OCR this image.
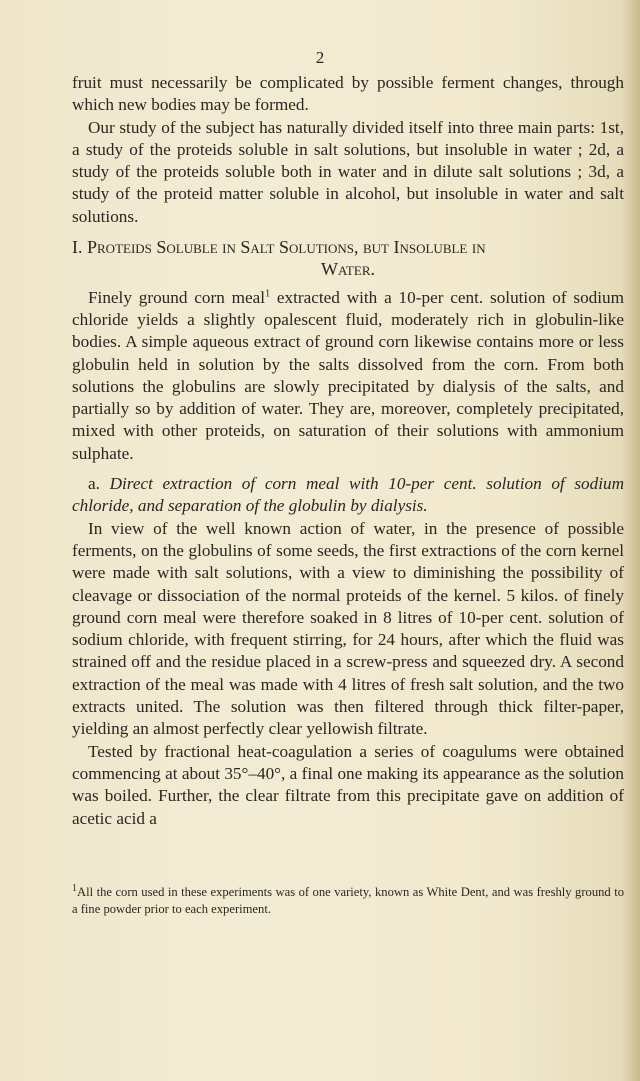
2

fruit must necessarily be complicated by possible ferment changes, through which new bodies may be formed.

Our study of the subject has naturally divided itself into three main parts: 1st, a study of the proteids soluble in salt solutions, but insoluble in water ; 2d, a study of the proteids soluble both in water and in dilute salt solutions ; 3d, a study of the proteid matter soluble in alcohol, but insoluble in water and salt solutions.

I. Proteids Soluble in Salt Solutions, but Insoluble in
Water.

Finely ground corn meal$^1$ extracted with a 10-per cent. solution of sodium chloride yields a slightly opalescent fluid, moderately rich in globulin-like bodies. A simple aqueous extract of ground corn likewise contains more or less globulin held in solution by the salts dissolved from the corn. From both solutions the globulins are slowly precipitated by dialysis of the salts, and partially so by addition of water. They are, moreover, completely precipitated, mixed with other proteids, on saturation of their solutions with ammonium sulphate.

a. Direct extraction of corn meal with 10-per cent. solution of sodium chloride, and separation of the globulin by dialysis.

In view of the well known action of water, in the presence of possible ferments, on the globulins of some seeds, the first extractions of the corn kernel were made with salt solutions, with a view to diminishing the possibility of cleavage or dissociation of the normal proteids of the kernel. 5 kilos. of finely ground corn meal were therefore soaked in 8 litres of 10-per cent. solution of sodium chloride, with frequent stirring, for 24 hours, after which the fluid was strained off and the residue placed in a screw-press and squeezed dry. A second extraction of the meal was made with 4 litres of fresh salt solution, and the two extracts united. The solution was then filtered through thick filter-paper, yielding an almost perfectly clear yellowish filtrate.

Tested by fractional heat-coagulation a series of coagulums were obtained commencing at about 35°–40°, a final one making its appearance as the solution was boiled. Further, the clear filtrate from this precipitate gave on addition of acetic acid a

$^1$All the corn used in these experiments was of one variety, known as White Dent, and was freshly ground to a fine powder prior to each experiment.
